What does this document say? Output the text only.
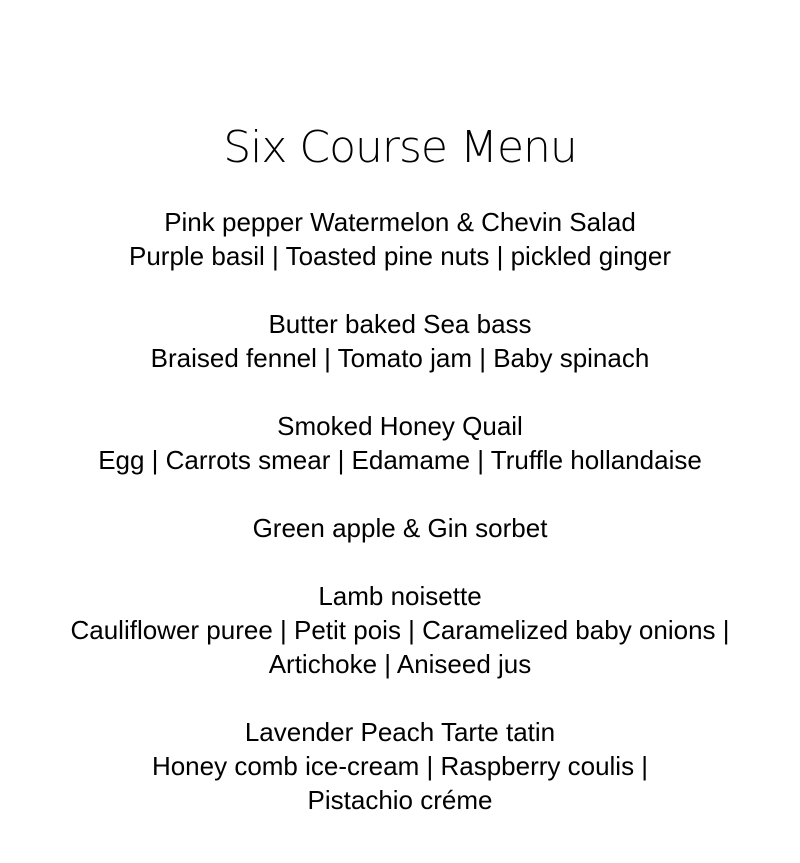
Six Course Menu
Pink pepper Watermelon & Chevin Salad
Purple basil | Toasted pine nuts | pickled ginger
Butter baked Sea bass
Braised fennel | Tomato jam | Baby spinach
Smoked Honey Quail
Egg | Carrots smear | Edamame | Truffle hollandaise
Green apple & Gin sorbet
Lamb noisette
Cauliflower puree | Petit pois | Caramelized baby onions |
Artichoke | Aniseed jus
Lavender Peach Tarte tatin
Honey comb ice-cream | Raspberry coulis |
Pistachio créme
